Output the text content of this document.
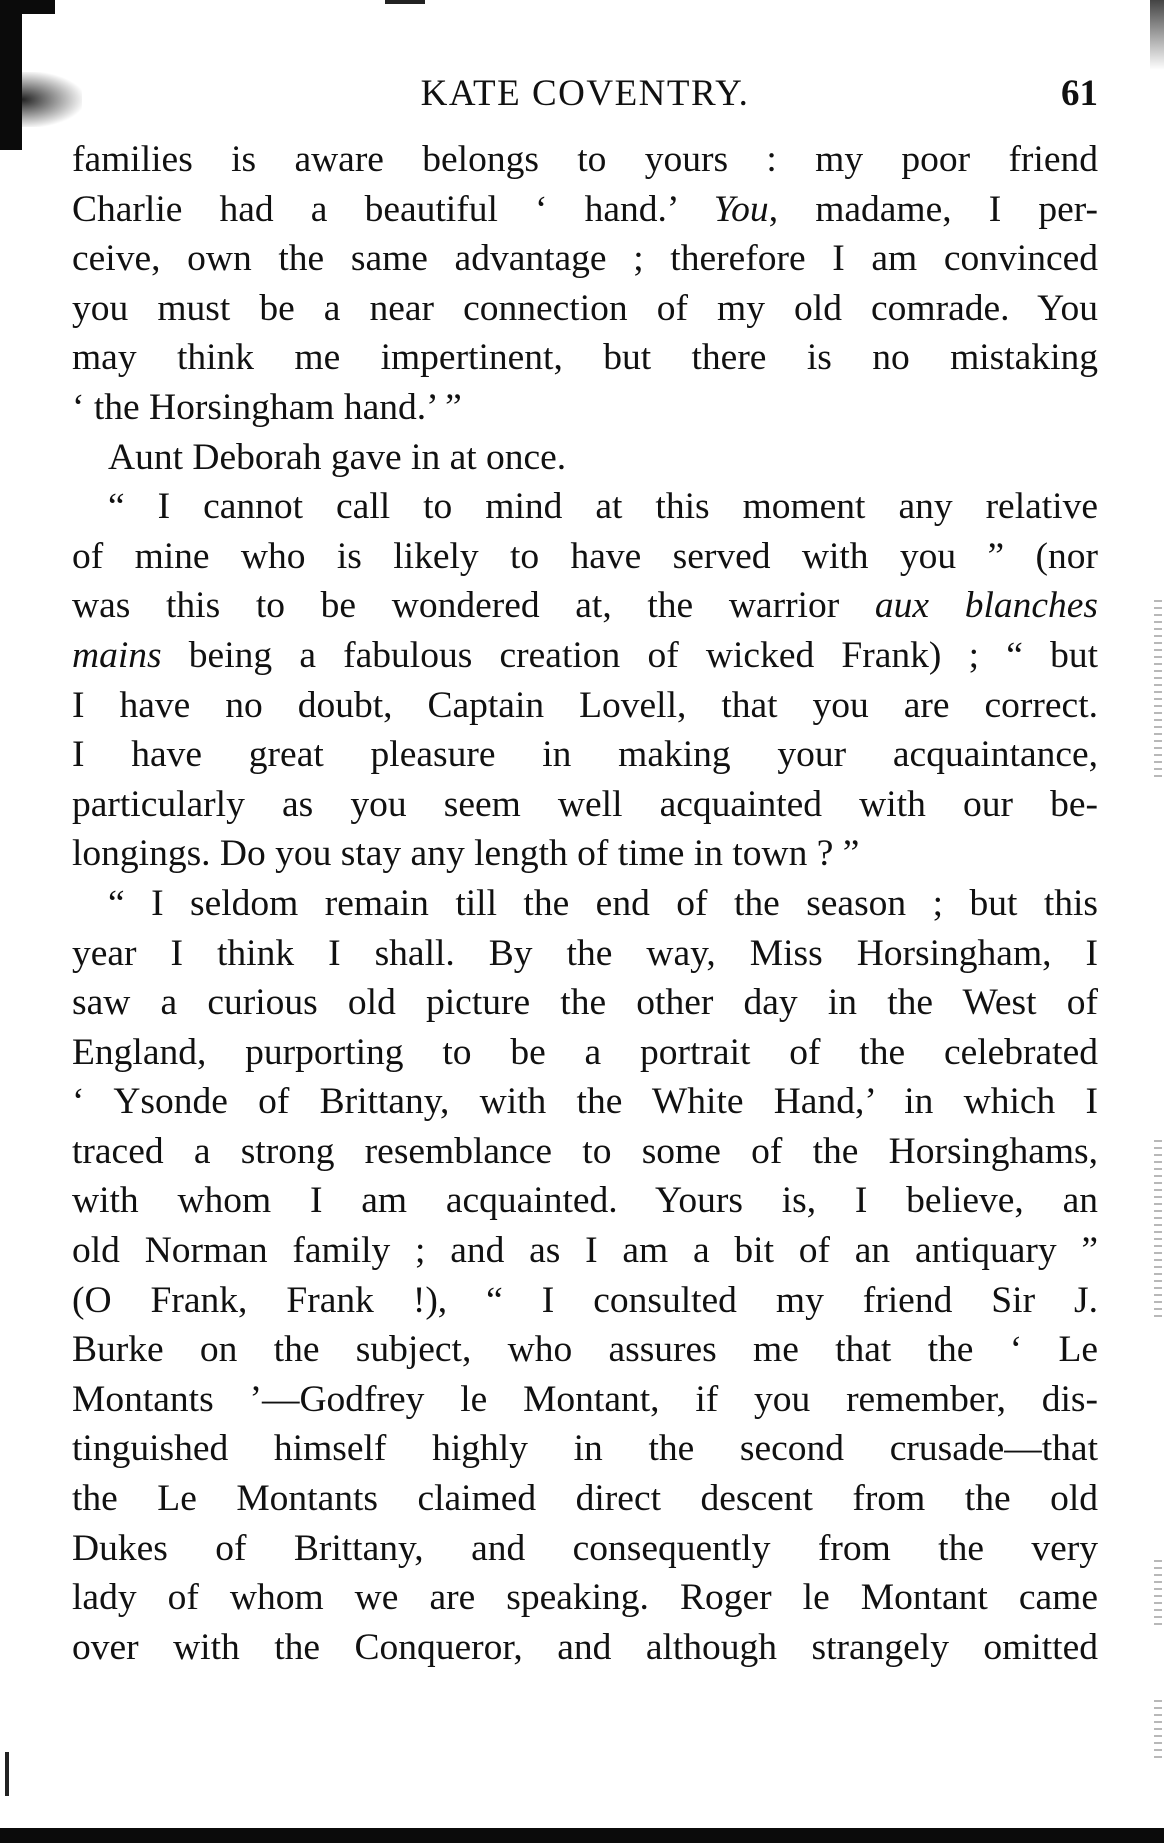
KATE COVENTRY.	61
families is aware belongs to yours : my poor friend
Charlie had a beautiful ‘ hand.’ You, madame, I per-
ceive, own the same advantage ; therefore I am convinced
you must be a near connection of my old comrade. You
may think me impertinent, but there is no mistaking
‘ the Horsingham hand.’ ”
Aunt Deborah gave in at once.
“ I cannot call to mind at this moment any relative
of mine who is likely to have served with you ” (nor
was this to be wondered at, the warrior aux blanches
mains being a fabulous creation of wicked Frank) ; “ but
I have no doubt, Captain Lovell, that you are correct.
I have great pleasure in making your acquaintance,
particularly as you seem well acquainted with our be-
longings. Do you stay any length of time in town ? ”
“ I seldom remain till the end of the season ; but this
year I think I shall. By the way, Miss Horsingham, I
saw a curious old picture the other day in the West of
England, purporting to be a portrait of the celebrated
‘ Ysonde of Brittany, with the White Hand,’ in which I
traced a strong resemblance to some of the Horsinghams,
with whom I am acquainted. Yours is, I believe, an
old Norman family ; and as I am a bit of an antiquary ”
(O Frank, Frank !), “ I consulted my friend Sir J.
Burke on the subject, who assures me that the ‘ Le
Montants ’—Godfrey le Montant, if you remember, dis-
tinguished himself highly in the second crusade—that
the Le Montants claimed direct descent from the old
Dukes of Brittany, and consequently from the very
lady of whom we are speaking. Roger le Montant came
over with the Conqueror, and although strangely omitted
